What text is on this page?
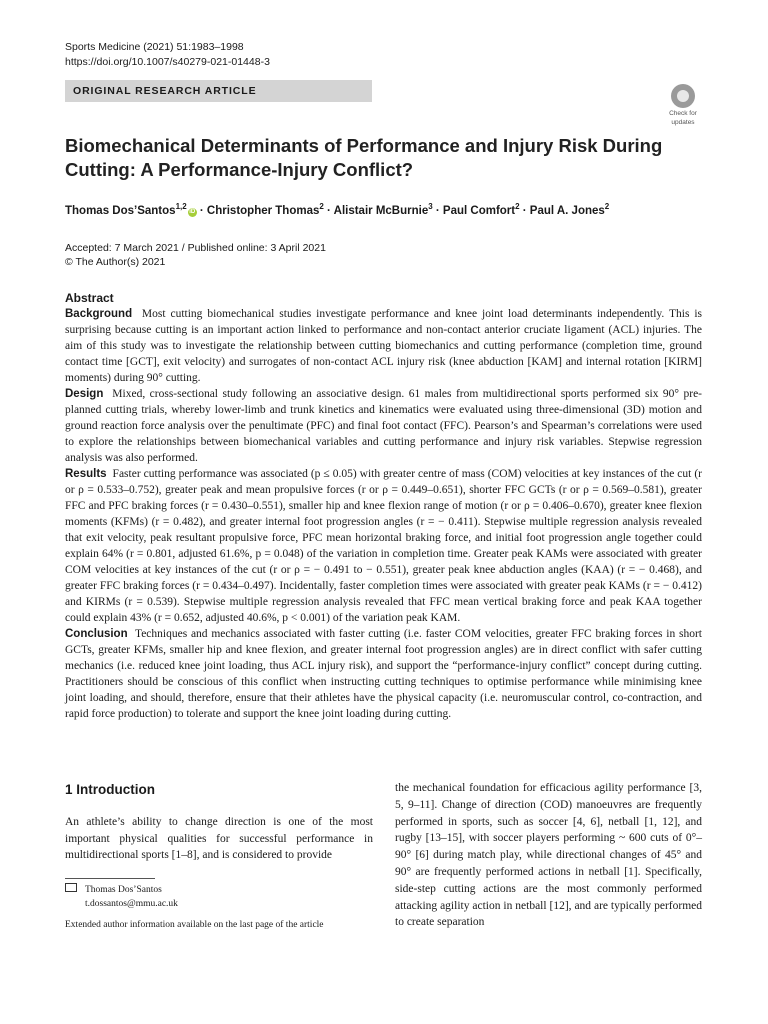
Sports Medicine (2021) 51:1983–1998
https://doi.org/10.1007/s40279-021-01448-3
ORIGINAL RESEARCH ARTICLE
Check for
updates
Biomechanical Determinants of Performance and Injury Risk During Cutting: A Performance-Injury Conflict?
Thomas Dos’Santos$^{1,2}$iD · Christopher Thomas$^2$ · Alistair McBurnie$^3$ · Paul Comfort$^2$ · Paul A. Jones$^2$
Accepted: 7 March 2021 / Published online: 3 April 2021
© The Author(s) 2021
Abstract

Background Most cutting biomechanical studies investigate performance and knee joint load determinants independently. This is surprising because cutting is an important action linked to performance and non-contact anterior cruciate ligament (ACL) injuries. The aim of this study was to investigate the relationship between cutting biomechanics and cutting performance (completion time, ground contact time [GCT], exit velocity) and surrogates of non-contact ACL injury risk (knee abduction [KAM] and internal rotation [KIRM] moments) during 90° cutting.

Design Mixed, cross-sectional study following an associative design. 61 males from multidirectional sports performed six 90° pre-planned cutting trials, whereby lower-limb and trunk kinetics and kinematics were evaluated using three-dimensional (3D) motion and ground reaction force analysis over the penultimate (PFC) and final foot contact (FFC). Pearson’s and Spearman’s correlations were used to explore the relationships between biomechanical variables and cutting performance and injury risk variables. Stepwise regression analysis was also performed.

Results Faster cutting performance was associated (p ≤ 0.05) with greater centre of mass (COM) velocities at key instances of the cut (r or ρ = 0.533–0.752), greater peak and mean propulsive forces (r or ρ = 0.449–0.651), shorter FFC GCTs (r or ρ = 0.569–0.581), greater FFC and PFC braking forces (r = 0.430–0.551), smaller hip and knee flexion range of motion (r or ρ = 0.406–0.670), greater knee flexion moments (KFMs) (r = 0.482), and greater internal foot progression angles (r = − 0.411). Stepwise multiple regression analysis revealed that exit velocity, peak resultant propulsive force, PFC mean horizontal braking force, and initial foot progression angle together could explain 64% (r = 0.801, adjusted 61.6%, p = 0.048) of the variation in completion time. Greater peak KAMs were associated with greater COM velocities at key instances of the cut (r or ρ = − 0.491 to − 0.551), greater peak knee abduction angles (KAA) (r = − 0.468), and greater FFC braking forces (r = 0.434–0.497). Incidentally, faster completion times were associated with greater peak KAMs (r = − 0.412) and KIRMs (r = 0.539). Stepwise multiple regression analysis revealed that FFC mean vertical braking force and peak KAA together could explain 43% (r = 0.652, adjusted 40.6%, p < 0.001) of the variation peak KAM.

Conclusion Techniques and mechanics associated with faster cutting (i.e. faster COM velocities, greater FFC braking forces in short GCTs, greater KFMs, smaller hip and knee flexion, and greater internal foot progression angles) are in direct conflict with safer cutting mechanics (i.e. reduced knee joint loading, thus ACL injury risk), and support the “performance-injury conflict” concept during cutting. Practitioners should be conscious of this conflict when instructing cutting techniques to optimise performance while minimising knee joint loading, and should, therefore, ensure that their athletes have the physical capacity (i.e. neuromuscular control, co-contraction, and rapid force production) to tolerate and support the knee joint loading during cutting.

1 Introduction

An athlete’s ability to change direction is one of the most important physical qualities for successful performance in multidirectional sports [1–8], and is considered to provide

the mechanical foundation for efficacious agility performance [3, 5, 9–11]. Change of direction (COD) manoeuvres are frequently performed in sports, such as soccer [4, 6], netball [1, 12], and rugby [13–15], with soccer players performing ~ 600 cuts of 0°–90° [6] during match play, while directional changes of 45° and 90° are frequently performed actions in netball [1]. Specifically, side-step cutting actions are the most commonly performed attacking agility action in netball [12], and are typically performed to create separation

Thomas Dos’Santos
t.dossantos@mmu.ac.uk
Extended author information available on the last page of the article
